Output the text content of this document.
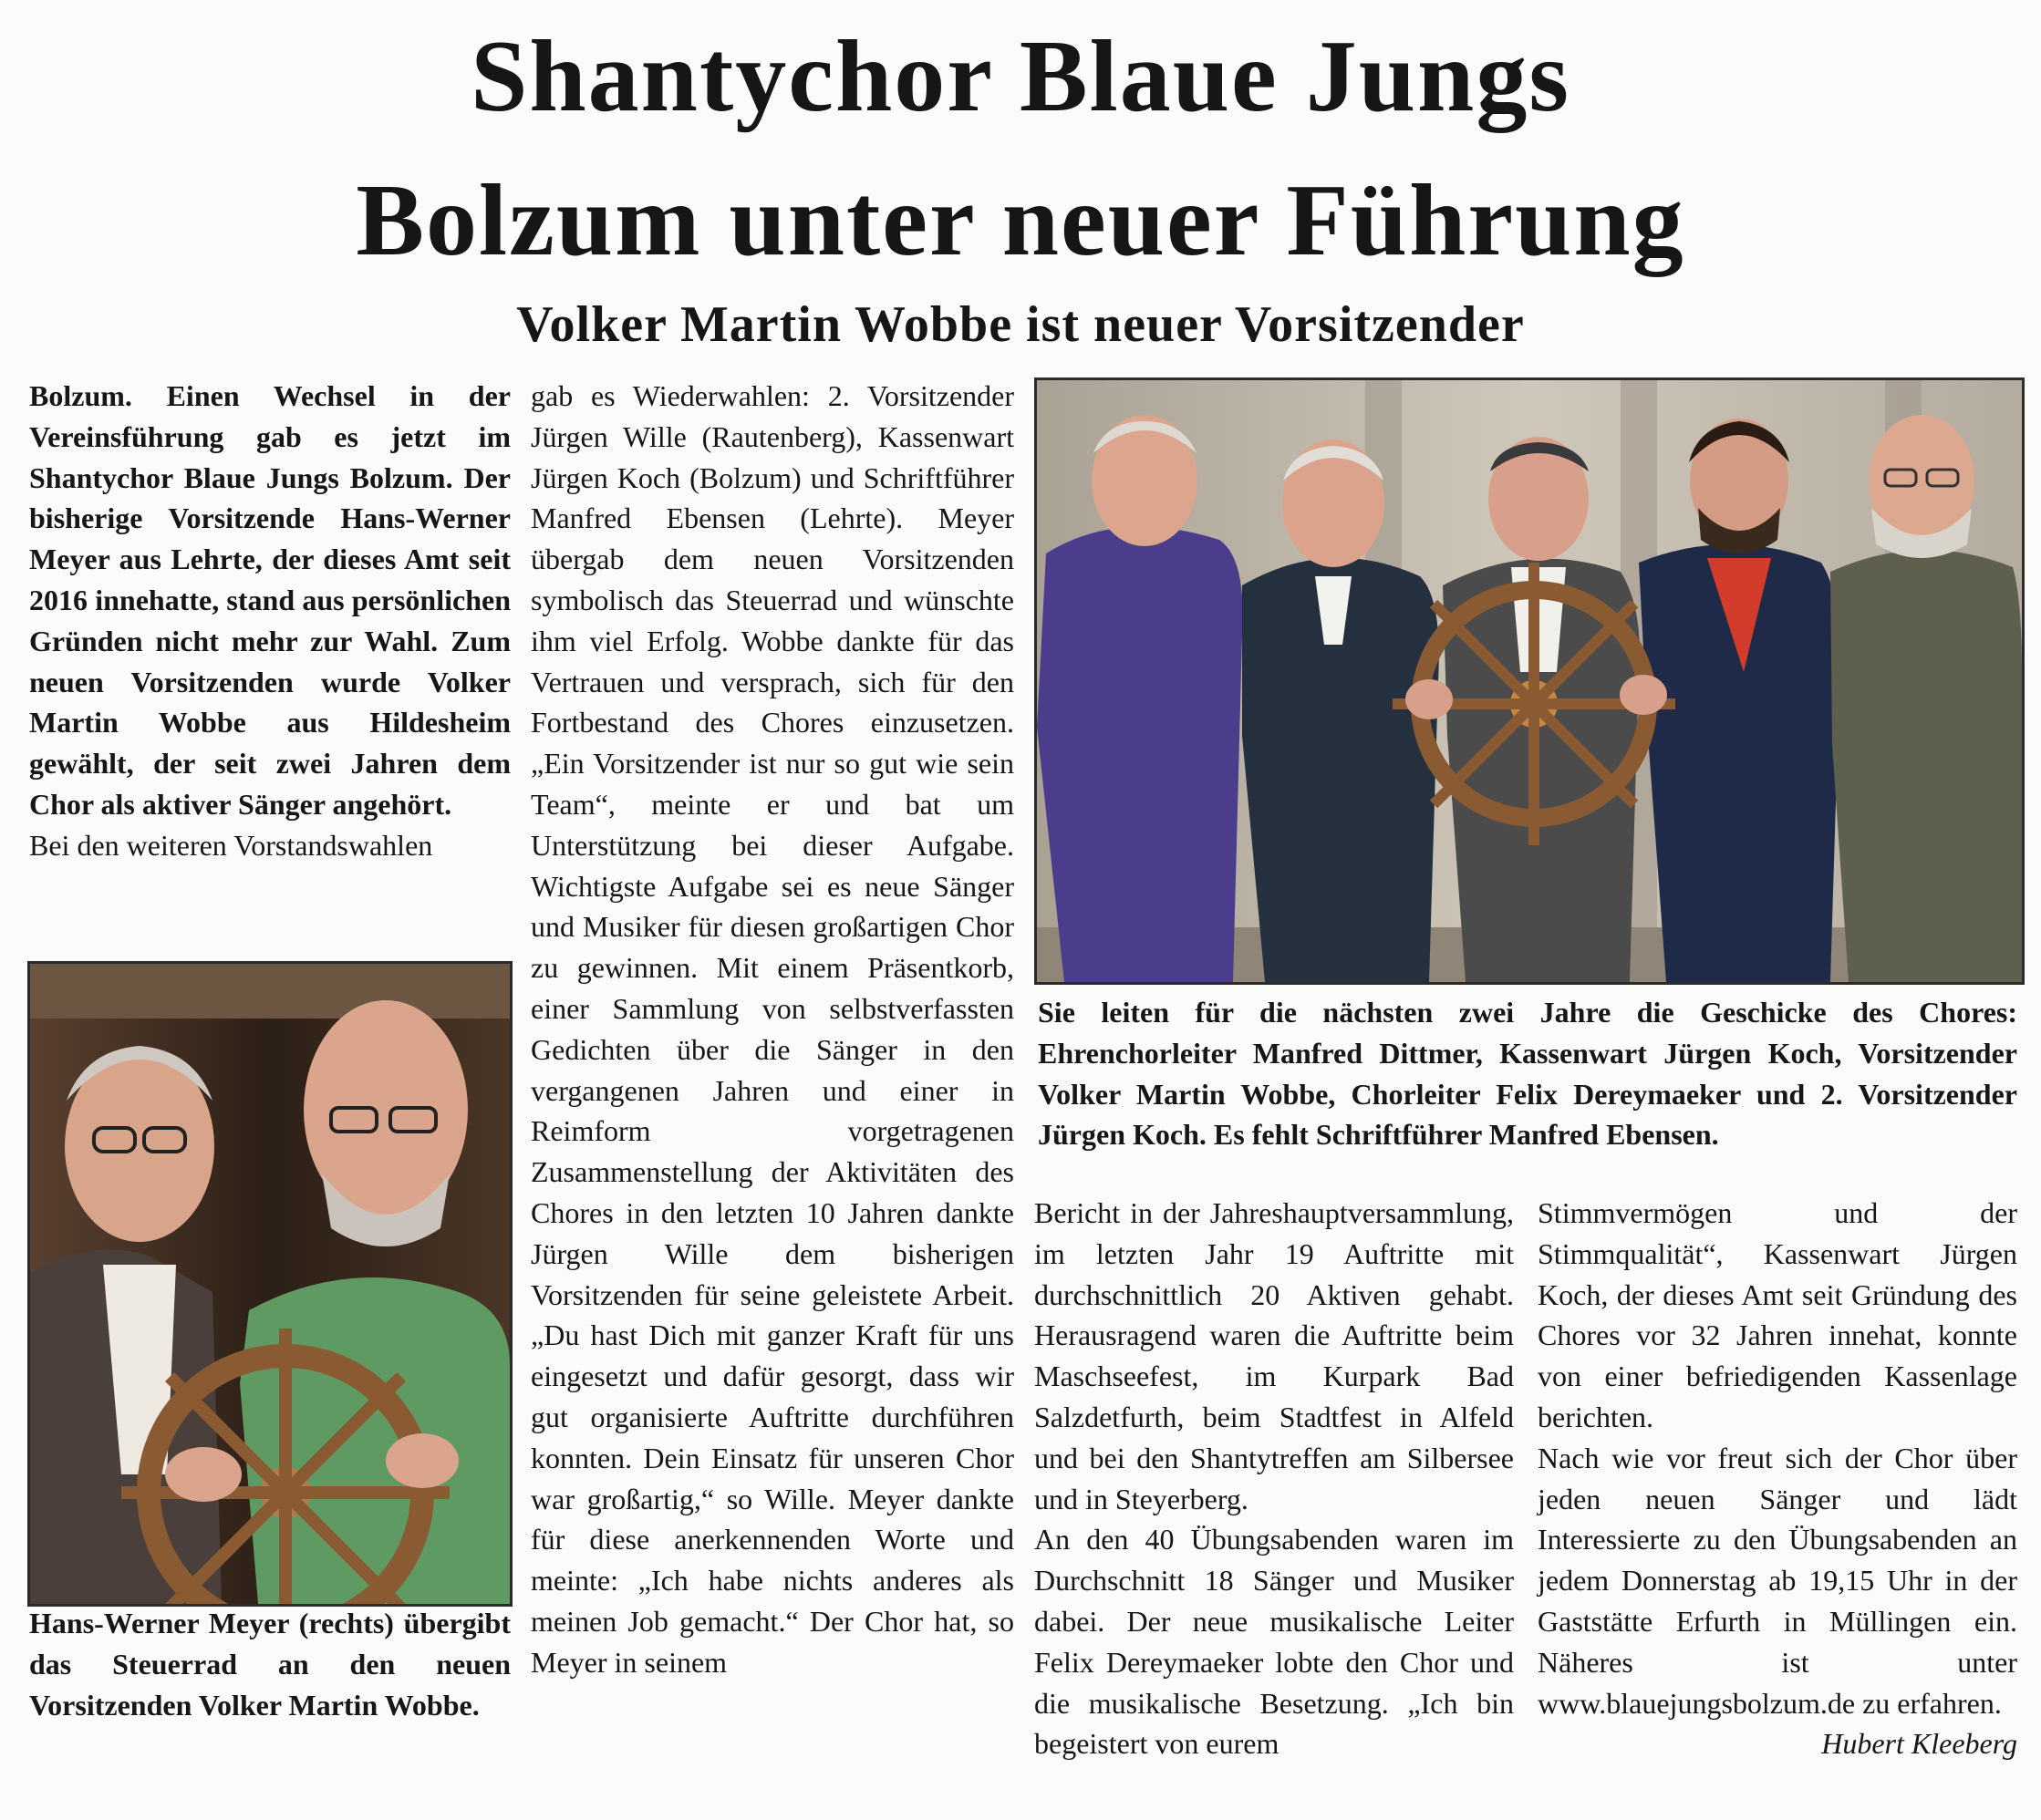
Shantychor Blaue Jungs
Bolzum unter neuer Führung
Volker Martin Wobbe ist neuer Vorsitzender

Bolzum. Einen Wechsel in der Vereinsführung gab es jetzt im Shantychor Blaue Jungs Bolzum. Der bisherige Vorsitzende Hans-Werner Meyer aus Lehrte, der dieses Amt seit 2016 innehatte, stand aus persönlichen Gründen nicht mehr zur Wahl. Zum neuen Vorsitzenden wurde Volker Martin Wobbe aus Hildesheim gewählt, der seit zwei Jahren dem Chor als aktiver Sänger angehört.

Bei den weiteren Vorstandswahlen

Hans-Werner Meyer (rechts) übergibt das Steuerrad an den neuen Vorsitzenden Volker Martin Wobbe.

gab es Wiederwahlen: 2. Vorsitzender Jürgen Wille (Rautenberg), Kassenwart Jürgen Koch (Bolzum) und Schriftführer Manfred Ebensen (Lehrte). Meyer übergab dem neuen Vorsitzenden symbolisch das Steuerrad und wünschte ihm viel Erfolg. Wobbe dankte für das Vertrauen und versprach, sich für den Fortbestand des Chores einzusetzen. „Ein Vorsitzender ist nur so gut wie sein Team“, meinte er und bat um Unterstützung bei dieser Aufgabe. Wichtigste Aufgabe sei es neue Sänger und Musiker für diesen großartigen Chor zu gewinnen. Mit einem Präsentkorb, einer Sammlung von selbstverfassten Gedichten über die Sänger in den vergangenen Jahren und einer in Reimform vorgetragenen Zusammenstellung der Aktivitäten des Chores in den letzten 10 Jahren dankte Jürgen Wille dem bisherigen Vorsitzenden für seine geleistete Arbeit. „Du hast Dich mit ganzer Kraft für uns eingesetzt und dafür gesorgt, dass wir gut organisierte Auftritte durchführen konnten. Dein Einsatz für unseren Chor war großartig,“ so Wille. Meyer dankte für diese anerkennenden Worte und meinte: „Ich habe nichts anderes als meinen Job gemacht.“ Der Chor hat, so Meyer in seinem

Sie leiten für die nächsten zwei Jahre die Geschicke des Chores: Ehrenchorleiter Manfred Dittmer, Kassenwart Jürgen Koch, Vorsitzender Volker Martin Wobbe, Chorleiter Felix Dereymaeker und 2. Vorsitzender Jürgen Koch. Es fehlt Schriftführer Manfred Ebensen.

Bericht in der Jahreshauptversammlung, im letzten Jahr 19 Auftritte mit durchschnittlich 20 Aktiven gehabt. Herausragend waren die Auftritte beim Maschseefest, im Kurpark Bad Salzdetfurth, beim Stadtfest in Alfeld und bei den Shantytreffen am Silbersee und in Steyerberg.

An den 40 Übungsabenden waren im Durchschnitt 18 Sänger und Musiker dabei. Der neue musikalische Leiter Felix Dereymaeker lobte den Chor und die musikalische Besetzung. „Ich bin begeistert von eurem

Stimmvermögen und der Stimmqualität“, Kassenwart Jürgen Koch, der dieses Amt seit Gründung des Chores vor 32 Jahren innehat, konnte von einer befriedigenden Kassenlage berichten.

Nach wie vor freut sich der Chor über jeden neuen Sänger und lädt Interessierte zu den Übungsabenden an jedem Donnerstag ab 19,15 Uhr in der Gaststätte Erfurth in Müllingen ein. Näheres ist unter www.blauejungsbolzum.de zu erfahren.

Hubert Kleeberg
